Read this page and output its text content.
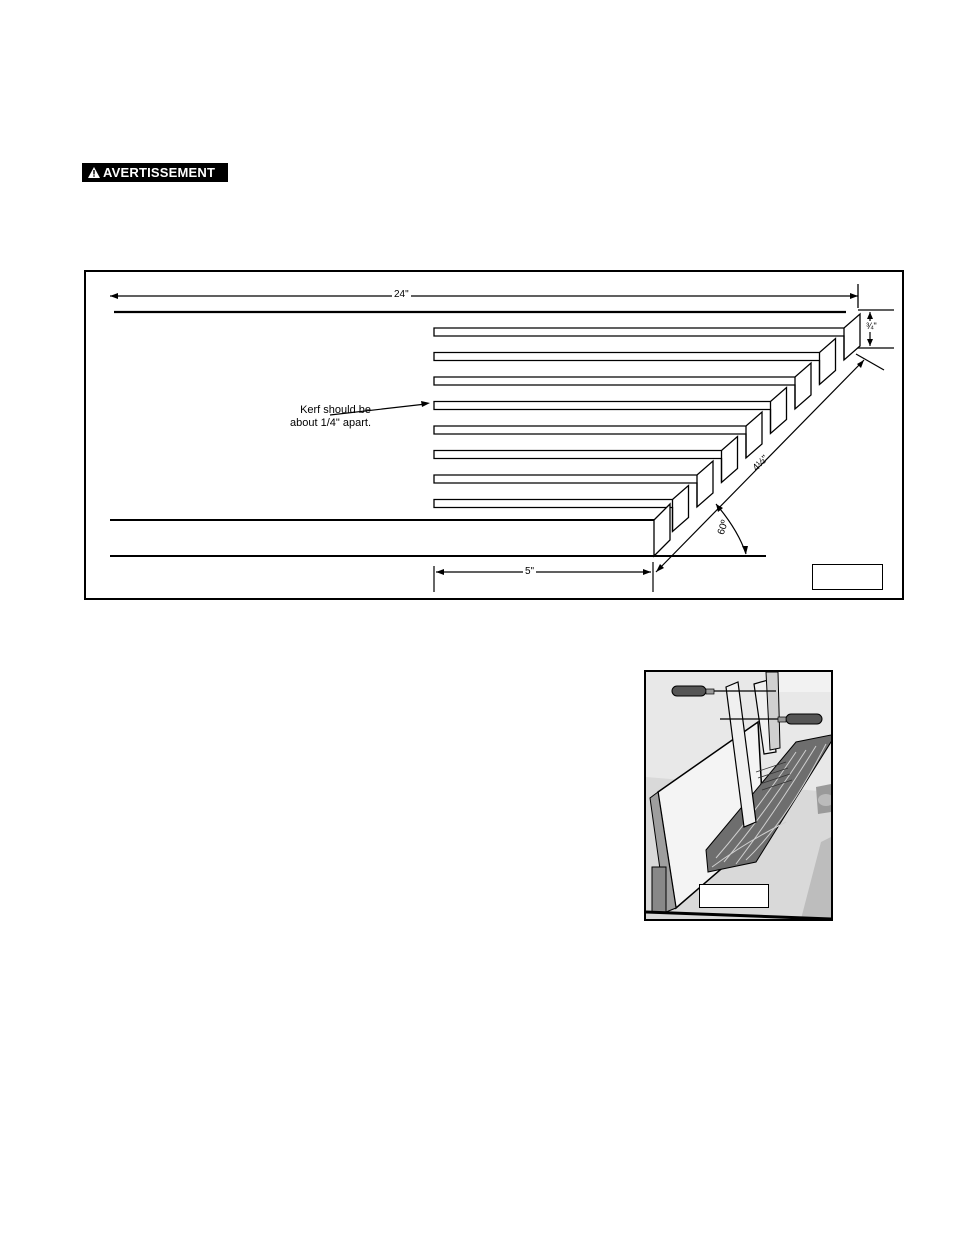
AVERTISSEMENT
24"
¾"
4½"
60º
5"
Kerf should be
about 1/4" apart.
